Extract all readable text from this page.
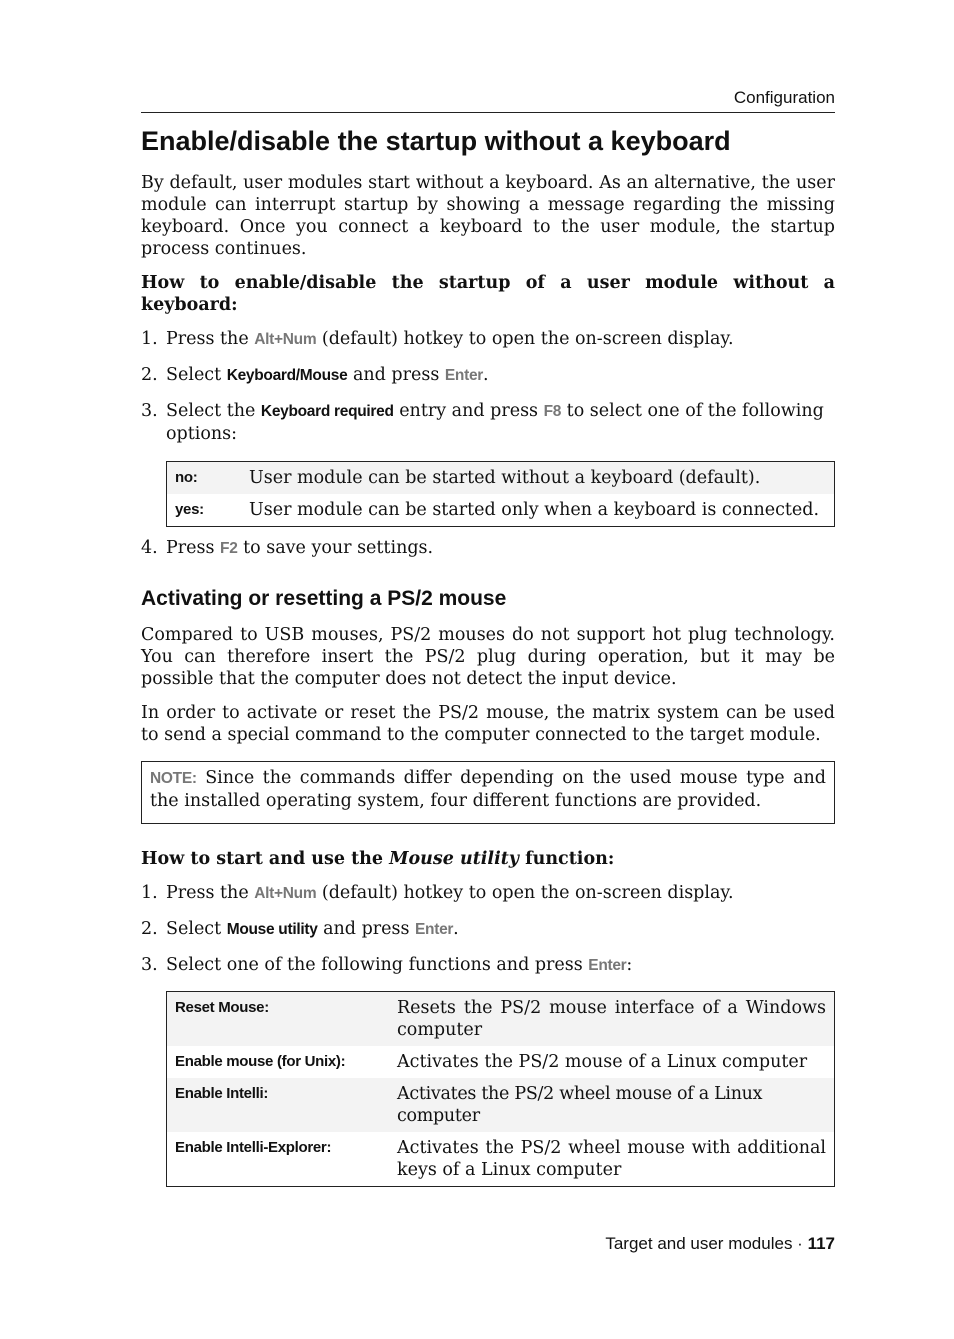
Configuration
Enable/disable the startup without a keyboard

By default, user modules start without a keyboard. As an alternative, the user module can interrupt startup by showing a message regarding the missing keyboard. Once you connect a keyboard to the user module, the startup process continues.

How to enable/disable the startup of a user module without a keyboard:

1. Press the Alt+Num (default) hotkey to open the on-screen display.
2. Select Keyboard/Mouse and press Enter.
3. Select the Keyboard required entry and press F8 to select one of the following options:
no:	User module can be started without a keyboard (default).
yes:	User module can be started only when a keyboard is connected.
4. Press F2 to save your settings.
Activating or resetting a PS/2 mouse

Compared to USB mouses, PS/2 mouses do not support hot plug technology. You can therefore insert the PS/2 plug during operation, but it may be possible that the computer does not detect the input device.

In order to activate or reset the PS/2 mouse, the matrix system can be used to send a special command to the computer connected to the target module.

NOTE: Since the commands differ depending on the used mouse type and the installed operating system, four different functions are provided.

How to start and use the Mouse utility function:

1. Press the Alt+Num (default) hotkey to open the on-screen display.
2. Select Mouse utility and press Enter.
3. Select one of the following functions and press Enter:
Reset Mouse:	Resets the PS/2 mouse interface of a Windows computer
Enable mouse (for Unix):	Activates the PS/2 mouse of a Linux computer
Enable Intelli:	Activates the PS/2 wheel mouse of a Linux computer
Enable Intelli-Explorer:	Activates the PS/2 wheel mouse with additional keys of a Linux computer
Target and user modules · 117
